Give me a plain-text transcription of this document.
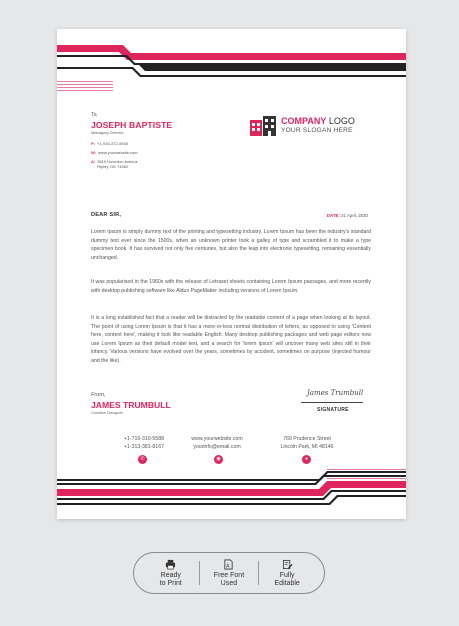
To,
JOSEPH BAPTISTE
Managing Director
P: +1-916-372-4938
W: www.yourwebsite.com
A: 3510 Hoverton Avenue
Ripley, OK 74062
COMPANY LOGO
YOUR SLOGAN HERE
DEAR SIR,	DATE: 21 April, 2030

Lorem Ipsum is simply dummy text of the printing and typesetting industry. Lorem Ipsum has been the industry's standard dummy text ever since the 1500s, when an unknown printer took a galley of type and scrambled it to make a type specimen book. It has survived not only five centuries, but also the leap into electronic typesetting, remaining essentially unchanged.

It was popularised in the 1960s with the release of Letraset sheets containing Lorem Ipsum passages, and more recently with desktop publishing software like Aldus PageMaker including versions of Lorem Ipsum.

It is a long established fact that a reader will be distracted by the readable content of a page when looking at its layout. The point of using Lorem Ipsum is that it has a more-or-less normal distribution of letters, as opposed to using 'Content here, content here', making it look like readable English. Many desktop publishing packages and web page editors now use Lorem Ipsum as their default model text, and a search for 'lorem ipsum' will uncover many web sites still in their infancy. Various versions have evolved over the years, sometimes by accident, sometimes on purpose (injected humour and the like).

From,
JAMES TRUMBULL
Creative Designer
James Trumbull
SIGNATURE
+1-716-310-5588
+1-313-381-8167
www.yourwebsite.com
yourinfo@email.com
769 Prudence Street
Lincoln Park, MI 48146
✆	◉	●
Ready
to Print
A
Free Font
Used
Fully
Editable
